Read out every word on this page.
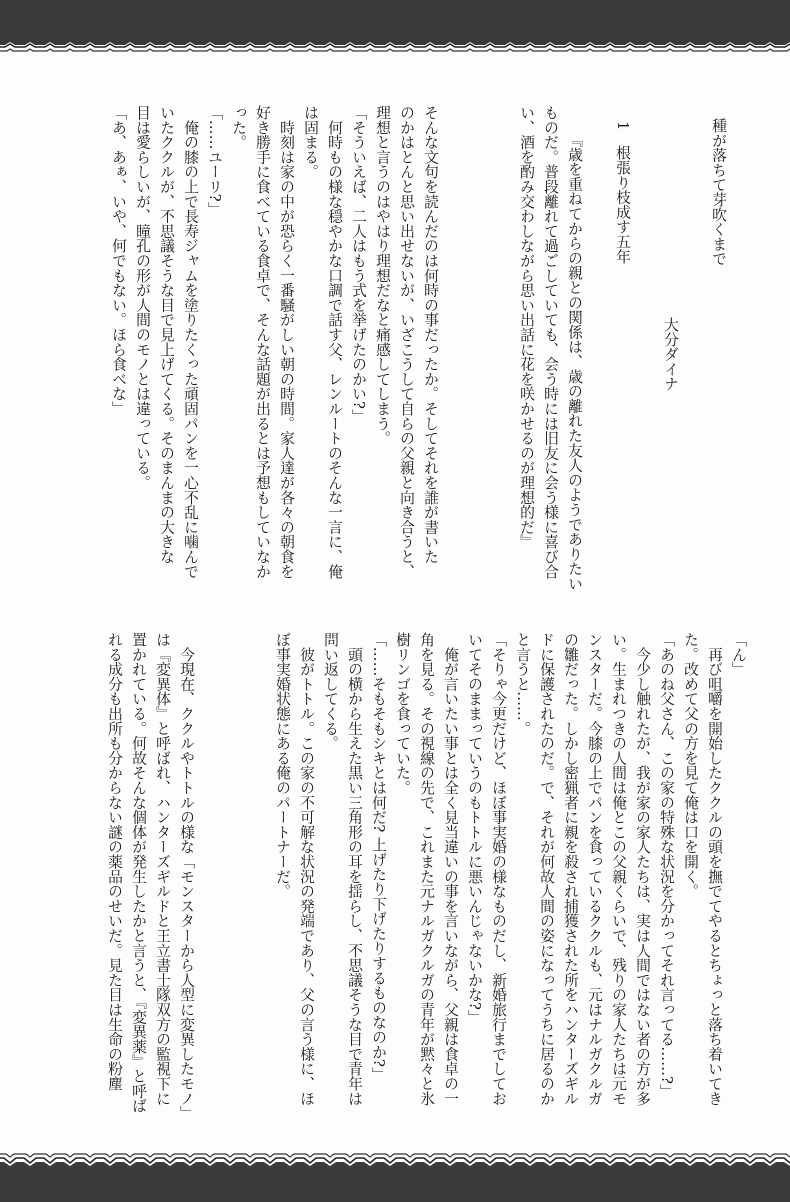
種が落ちて芽吹くまで
大分ダイナ
1　根張り枝成す五年
『歳を重ねてからの親との関係は、歳の離れた友人のようでありたい
ものだ。普段離れて過ごしていても、会う時には旧友に会う様に喜び合
い、酒を酌み交わしながら思い出話に花を咲かせるのが理想的だ』
そんな文句を読んだのは何時の事だったか。そしてそれを誰が書いた
のかはとんと思い出せないが、いざこうして自らの父親と向き合うと、
理想と言うのはやはり理想だなと痛感してしまう。
「そういえば、二人はもう式を挙げたのかい?」
　何時もの様な穏やかな口調で話す父、レンルートのそんな一言に、俺
は固まる。
　時刻は家の中が恐らく一番騒がしい朝の時間。家人達が各々の朝食を
好き勝手に食べている食卓で、そんな話題が出るとは予想もしていなか
った。
「……ユーリ?」
　俺の膝の上で長寿ジャムを塗りたくった頑固パンを一心不乱に噛んで
いたククルが、不思議そうな目で見上げてくる。そのまんまの大きな
目は愛らしいが、瞳孔の形が人間のモノとは違っている。
「あ、あぁ、いや、何でもない。ほら食べな」
「ん」
　再び咀嚼を開始したククルの頭を撫でてやるとちょっと落ち着いてき
た。改めて父の方を見て俺は口を開く。
「あのね父さん、この家の特殊な状況を分かってそれ言ってる……?」
　今少し触れたが、我が家の家人たちは、実は人間ではない者の方が多
い。生まれつきの人間は俺とこの父親くらいで、残りの家人たちは元モ
ンスターだ。今膝の上でパンを食っているククルも、元はナルガクルガ
の雛だった。しかし密猟者に親を殺され捕獲された所をハンターズギル
ドに保護されたのだ。で、それが何故人間の姿になってうちに居るのか
と言うと……。
「そりゃ今更だけど、ほぼ事実婚の様なものだし、新婚旅行までしてお
いてそのままっていうのもトトルに悪いんじゃないかな?」
　俺が言いたい事とは全く見当違いの事を言いながら、父親は食卓の一
角を見る。その視線の先で、これまた元ナルガクルガの青年が黙々と氷
樹リンゴを食っていた。
「……そもそもシキとは何だ? 上げたり下げたりするものなのか?」
　頭の横から生えた黒い三角形の耳を揺らし、不思議そうな目で青年は
問い返してくる。
　彼がトトル。この家の不可解な状況の発端であり、父の言う様に、ほ
ぼ事実婚状態にある俺のパートナーだ。
　今現在、ククルやトトルの様な「モンスターから人型に変異したモノ」
は『変異体』と呼ばれ、ハンターズギルドと王立書士隊双方の監視下に
置かれている。何故そんな個体が発生したかと言うと、『変異薬』と呼ば
れる成分も出所も分からない謎の薬品のせいだ。見た目は生命の粉塵
